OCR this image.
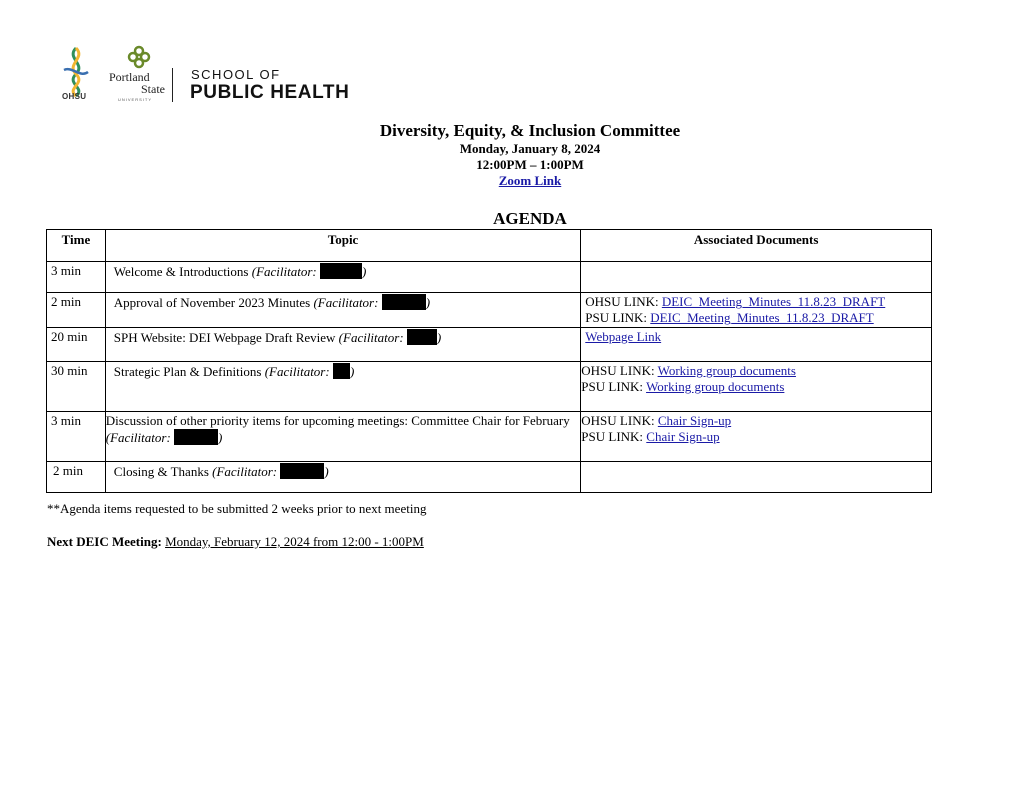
OHSU
Portland
State
UNIVERSITY
SCHOOL OF
PUBLIC HEALTH
Diversity, Equity, & Inclusion Committee
Monday, January 8, 2024
12:00PM – 1:00PM
Zoom Link
AGENDA
Time	Topic	Associated Documents
3 min	Welcome & Introductions (Facilitator: )	
2 min	Approval of November 2023 Minutes (Facilitator: )	OHSU LINK: DEIC_Meeting_Minutes_11.8.23_DRAFT
PSU LINK: DEIC_Meeting_Minutes_11.8.23_DRAFT

20 min	SPH Website: DEI Webpage Draft Review (Facilitator: )	Webpage Link

30 min	Strategic Plan & Definitions (Facilitator: )	OHSU LINK: Working group documents
PSU LINK: Working group documents

3 min	Discussion of other priority items for upcoming meetings: Committee Chair for February (Facilitator: )	OHSU LINK: Chair Sign-up
PSU LINK: Chair Sign-up

2 min	Closing & Thanks (Facilitator: )	
**Agenda items requested to be submitted 2 weeks prior to next meeting
Next DEIC Meeting: Monday, February 12, 2024 from 12:00 - 1:00PM
